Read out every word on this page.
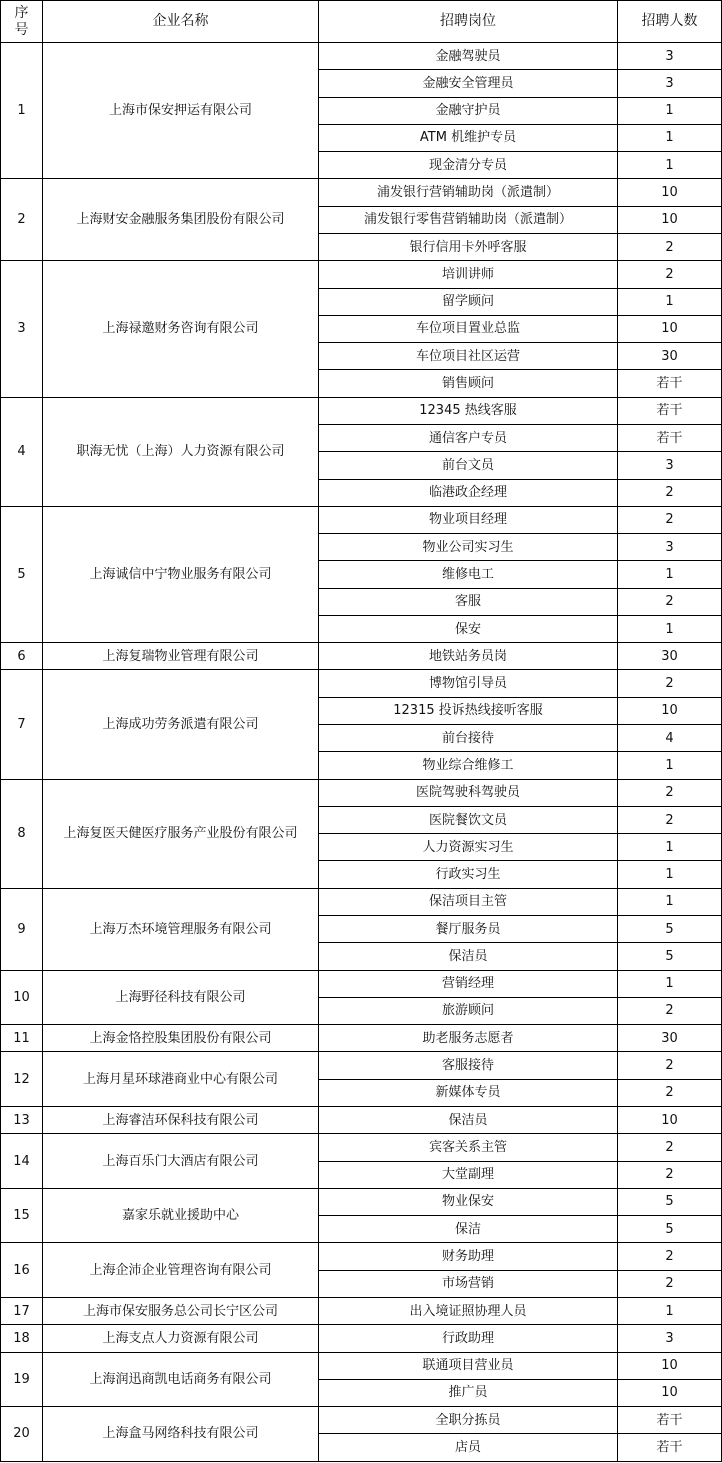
序号	企业名称	招聘岗位	招聘人数
1	上海市保安押运有限公司	金融驾驶员	3
		金融安全管理员	3
		金融守护员	1
		ATM 机维护专员	1
		现金清分专员	1
2	上海财安金融服务集团股份有限公司	浦发银行营销辅助岗（派遣制）	10
		浦发银行零售营销辅助岗（派遣制）	10
		银行信用卡外呼客服	2
3	上海禄邀财务咨询有限公司	培训讲师	2
		留学顾问	1
		车位项目置业总监	10
		车位项目社区运营	30
		销售顾问	若干
4	职海无忧（上海）人力资源有限公司	12345 热线客服	若干
		通信客户专员	若干
		前台文员	3
		临港政企经理	2
5	上海诚信中宁物业服务有限公司	物业项目经理	2
		物业公司实习生	3
		维修电工	1
		客服	2
		保安	1
6	上海复瑞物业管理有限公司	地铁站务员岗	30
7	上海成功劳务派遣有限公司	博物馆引导员	2
		12315 投诉热线接听客服	10
		前台接待	4
		物业综合维修工	1
8	上海复医天健医疗服务产业股份有限公司	医院驾驶科驾驶员	2
		医院餐饮文员	2
		人力资源实习生	1
		行政实习生	1
9	上海万杰环境管理服务有限公司	保洁项目主管	1
		餐厅服务员	5
		保洁员	5
10	上海野径科技有限公司	营销经理	1
		旅游顾问	2
11	上海金恪控股集团股份有限公司	助老服务志愿者	30
12	上海月星环球港商业中心有限公司	客服接待	2
		新媒体专员	2
13	上海睿洁环保科技有限公司	保洁员	10
14	上海百乐门大酒店有限公司	宾客关系主管	2
		大堂副理	2
15	嘉家乐就业援助中心	物业保安	5
		保洁	5
16	上海企沛企业管理咨询有限公司	财务助理	2
		市场营销	2
17	上海市保安服务总公司长宁区公司	出入境证照协理人员	1
18	上海支点人力资源有限公司	行政助理	3
19	上海润迅商凯电话商务有限公司	联通项目营业员	10
		推广员	10
20	上海盒马网络科技有限公司	全职分拣员	若干
		店员	若干
